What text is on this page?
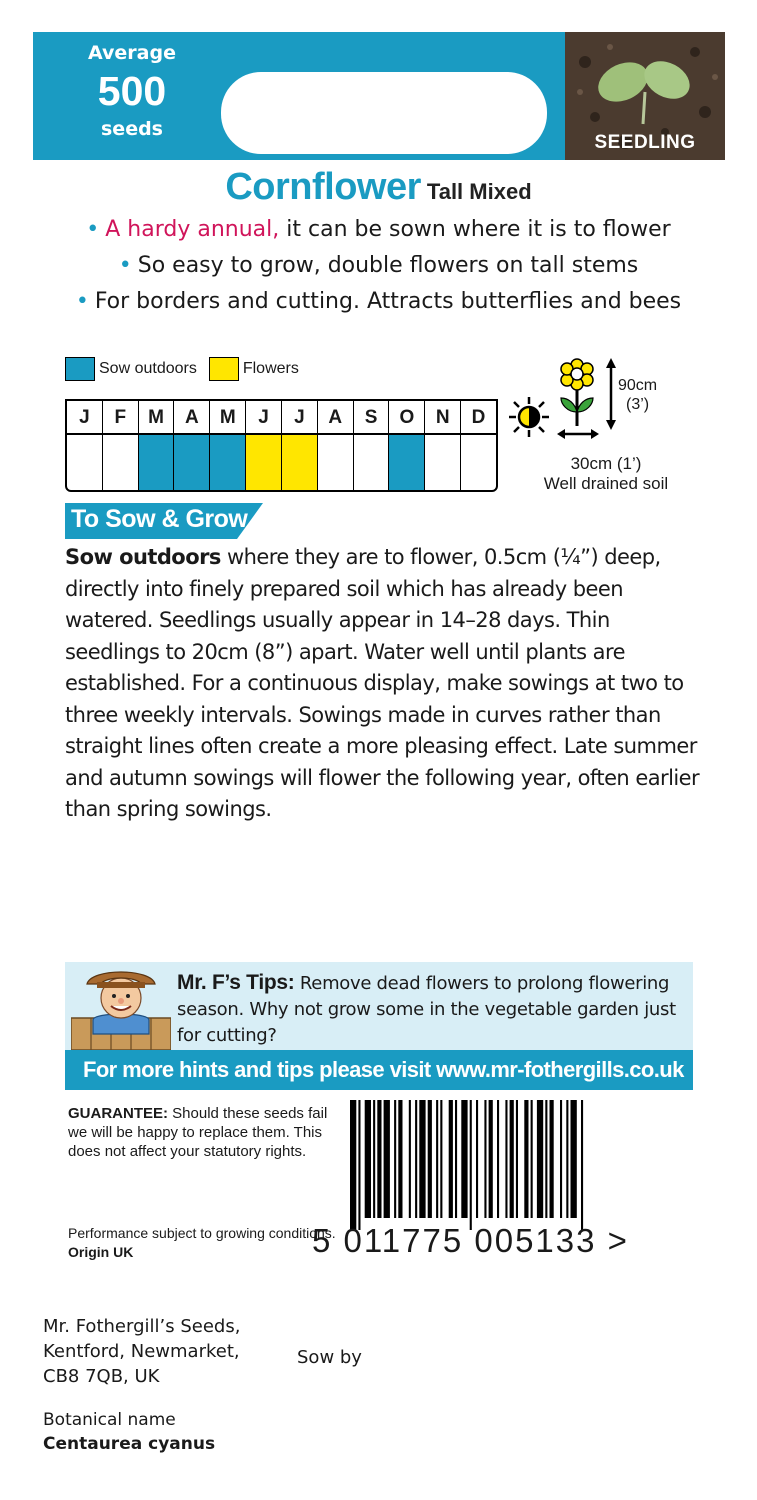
Average
500
seeds
SEEDLING
Cornflower Tall Mixed
• A hardy annual, it can be sown where it is to flower
• So easy to grow, double flowers on tall stems
• For borders and cutting. Attracts butterflies and bees
Sow outdoors	Flowers
J	F	M	A	M	J	J	A	S	O	N	D
90cm
(3’)
30cm (1’)
Well drained soil
To Sow & Grow
Sow outdoors where they are to flower, 0.5cm (¼”) deep, directly into finely prepared soil which has already been watered. Seedlings usually appear in 14–28 days. Thin seedlings to 20cm (8”) apart. Water well until plants are established. For a continuous display, make sowings at two to three weekly intervals. Sowings made in curves rather than straight lines often create a more pleasing effect. Late summer and autumn sowings will flower the following year, often earlier than spring sowings.
Mr. F’s Tips: Remove dead flowers to prolong flowering season. Why not grow some in the vegetable garden just for cutting?
For more hints and tips please visit www.mr-fothergills.co.uk
GUARANTEE: Should these seeds fail we will be happy to replace them. This does not affect your statutory rights.
Performance subject to growing conditions. Origin UK	5 011775 005133 >
Mr. Fothergill’s Seeds,
Kentford, Newmarket,
CB8 7QB, UK
Sow by
Botanical name
Centaurea cyanus
